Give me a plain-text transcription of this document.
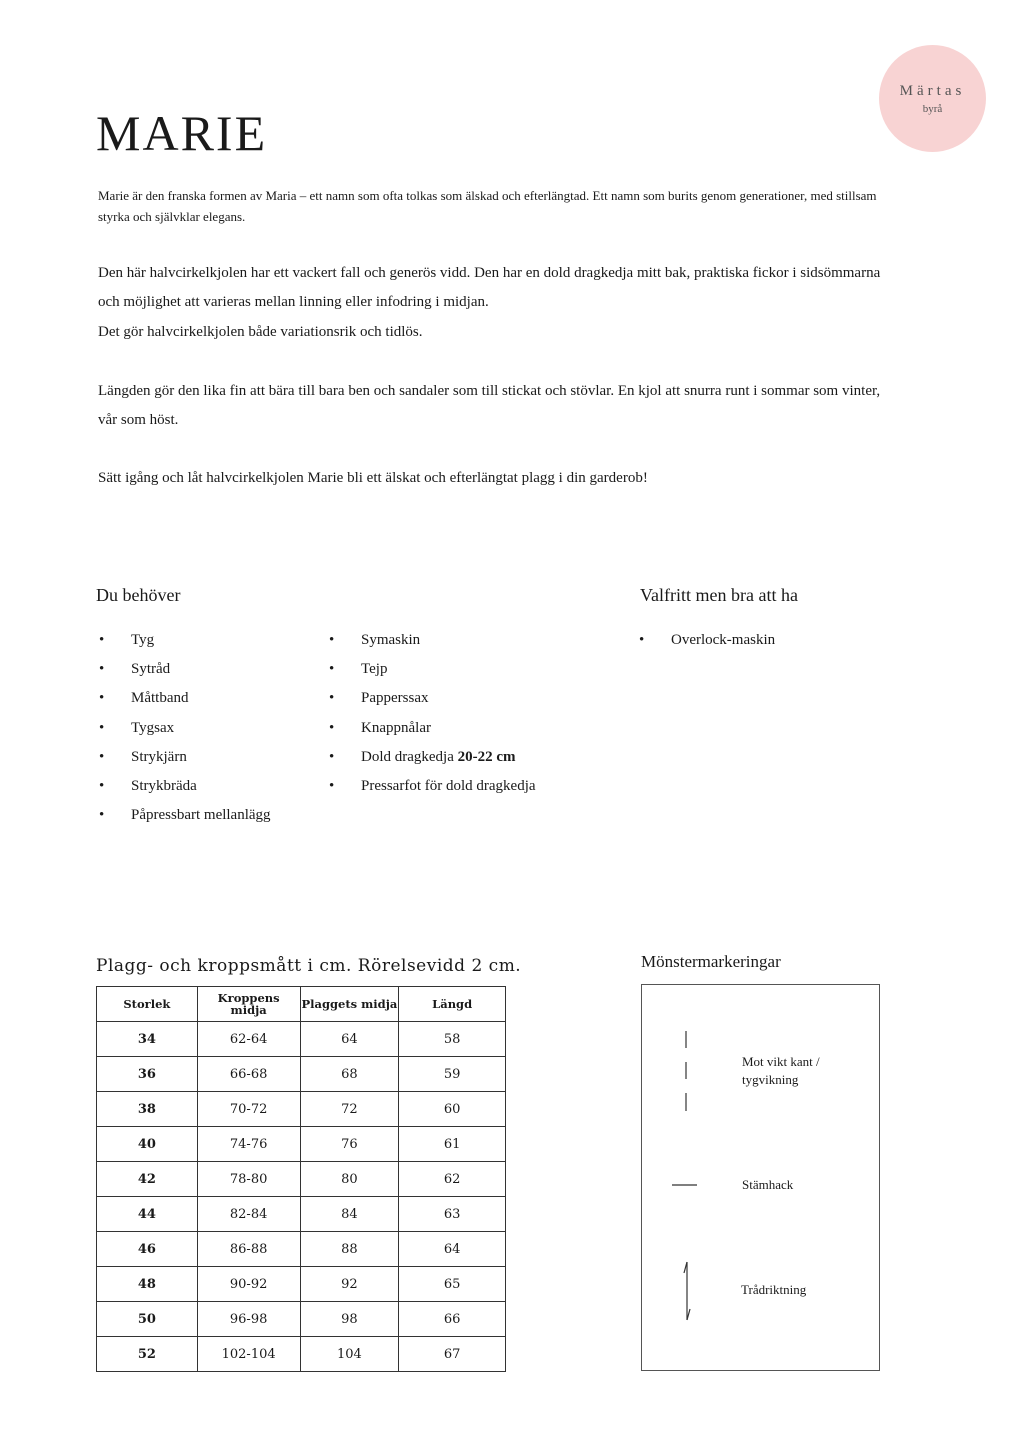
Märtas
byrå
MARIE

Marie är den franska formen av Maria – ett namn som ofta tolkas som älskad och efterlängtad. Ett namn som burits genom generationer, med stillsam styrka och självklar elegans.

Den här halvcirkelkjolen har ett vackert fall och generös vidd. Den har en dold dragkedja mitt bak, praktiska fickor i sidsömmarna och möjlighet att varieras mellan linning eller infodring i midjan.

Det gör halvcirkelkjolen både variationsrik och tidlös.

Längden gör den lika fin att bära till bara ben och sandaler som till stickat och stövlar. En kjol att snurra runt i sommar som vinter, vår som höst.

Sätt igång och låt halvcirkelkjolen Marie bli ett älskat och efterlängtat plagg i din garderob!

Du behöver
• Tyg
• Sytråd
• Måttband
• Tygsax
• Strykjärn
• Strykbräda
• Påpressbart mellanlägg
• Symaskin
• Tejp
• Papperssax
• Knappnålar
• Dold dragkedja 20-22 cm
• Pressarfot för dold dragkedja
Valfritt men bra att ha
• Overlock-maskin
Plagg- och kroppsmått i cm. Rörelsevidd 2 cm.
Storlek	Kroppens midja	Plaggets midja	Längd
34	62-64	64	58
36	66-68	68	59
38	70-72	72	60
40	74-76	76	61
42	78-80	80	62
44	82-84	84	63
46	86-88	88	64
48	90-92	92	65
50	96-98	98	66
52	102-104	104	67
Mönstermarkeringar
Mot vikt kant /
tygvikning
Stämhack
Trådriktning
